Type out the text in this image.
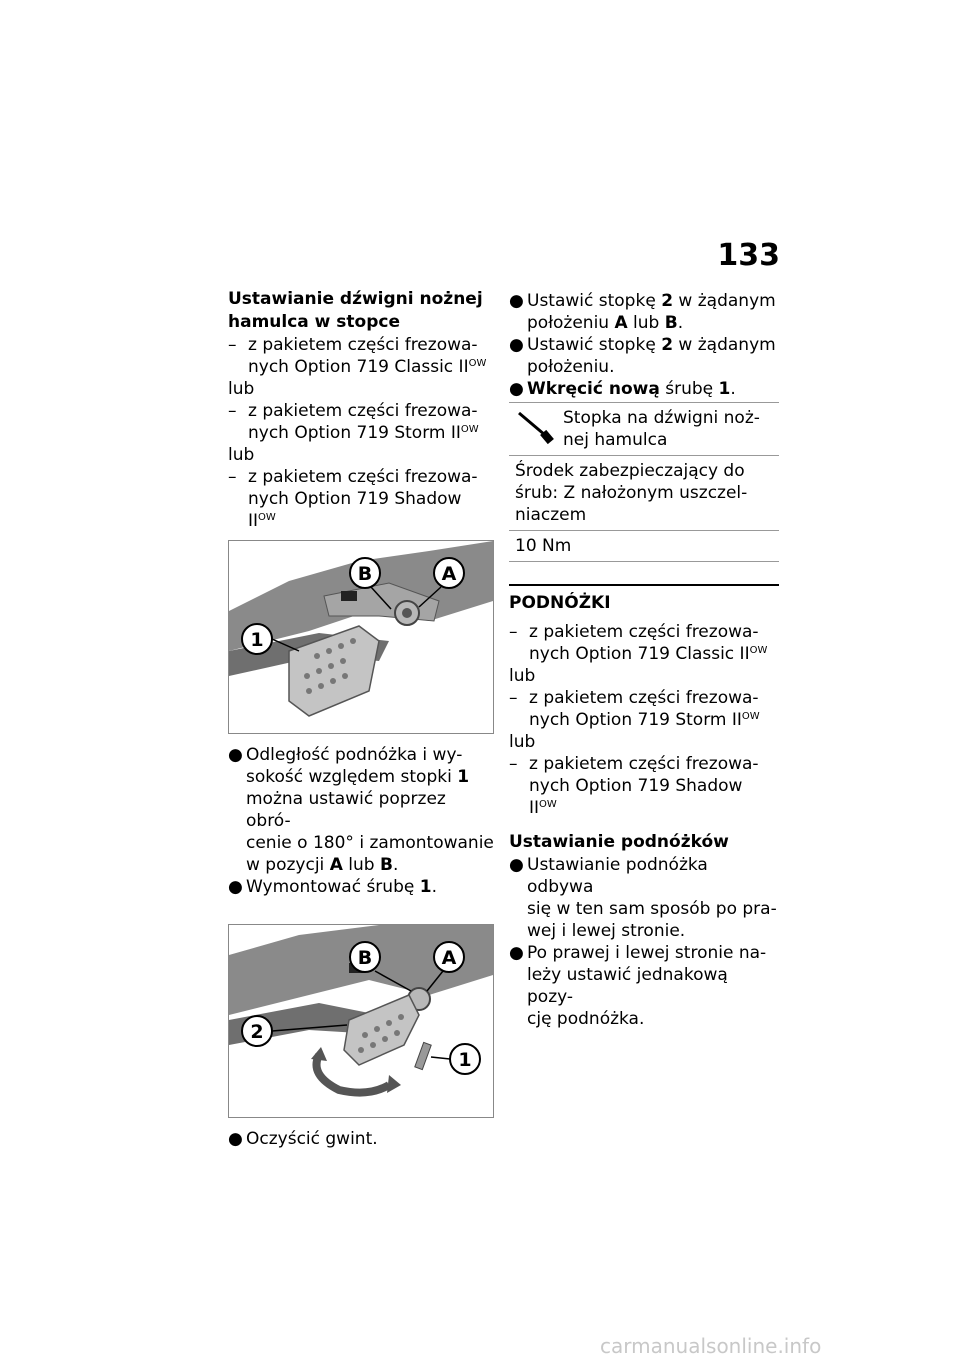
133

Ustawianie dźwigni nożnej
hamulca w stopce

– z pakietem części frezowa-
nych Option 719 Classic $II^{OW}$

lub

– z pakietem części frezowa-
nych Option 719 Storm $II^{OW}$

lub

– z pakietem części frezowa-
nych Option 719 Shadow
$II^{OW}$

B	A
1

● Odległość podnóżka i wy-
sokość względem stopki 1
można ustawić poprzez obró-
cenie o 180° i zamontowanie
w pozycji A lub B.

● Wymontować śrubę 1.

B	A
2
1

● Oczyścić gwint.

● Ustawić stopkę 2 w żądanym
położeniu A lub B.

● Ustawić stopkę 2 w żądanym
położeniu.

● Wkręcić nową śrubę 1.

Stopka na dźwigni noż-
nej hamulca

Środek zabezpieczający do
śrub: Z nałożonym uszczel-
niaczem
10 Nm

PODNÓŻKI

– z pakietem części frezowa-
nych Option 719 Classic $II^{OW}$

lub

– z pakietem części frezowa-
nych Option 719 Storm $II^{OW}$

lub

– z pakietem części frezowa-
nych Option 719 Shadow
$II^{OW}$

Ustawianie podnóżków

● Ustawianie podnóżka odbywa
się w ten sam sposób po pra-
wej i lewej stronie.

● Po prawej i lewej stronie na-
leży ustawić jednakową pozy-
cję podnóżka.

carmanualsonline.info
